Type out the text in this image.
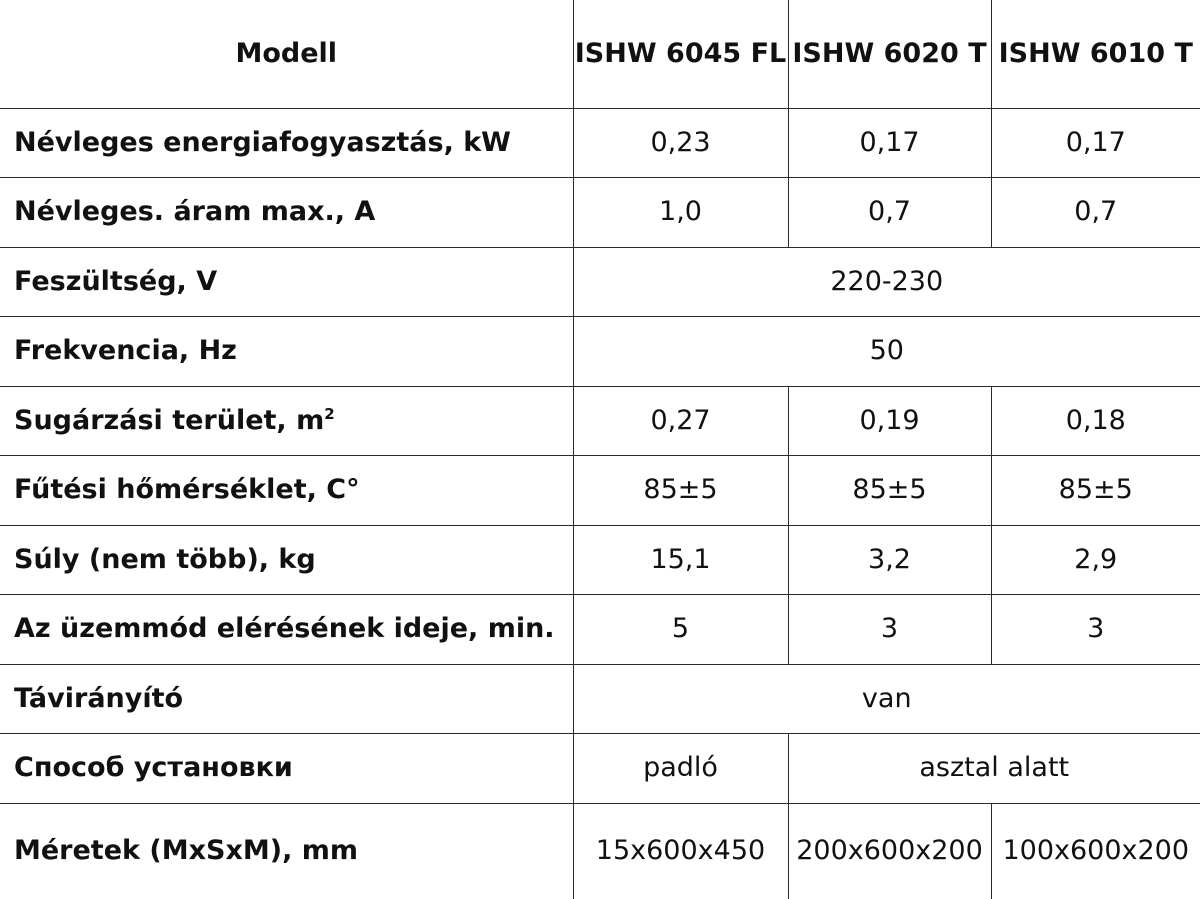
Modell	ISHW 6045 FL	ISHW 6020 T	ISHW 6010 T
Névleges energiafogyasztás, kW	0,23	0,17	0,17
Névleges. áram max., A	1,0	0,7	0,7
Feszültség, V	220-230		
Frekvencia, Hz	50		
Sugárzási terület, $m^2$	0,27	0,19	0,18
Fűtési hőmérséklet, C°	85±5	85±5	85±5
Súly (nem több), kg	15,1	3,2	2,9
Az üzemmód elérésének ideje, min.	5	3	3
Távirányító	van		
Способ установки	padló	asztal alatt	
Méretek (MxSxM), mm	15x600x450	200x600x200	100x600x200
